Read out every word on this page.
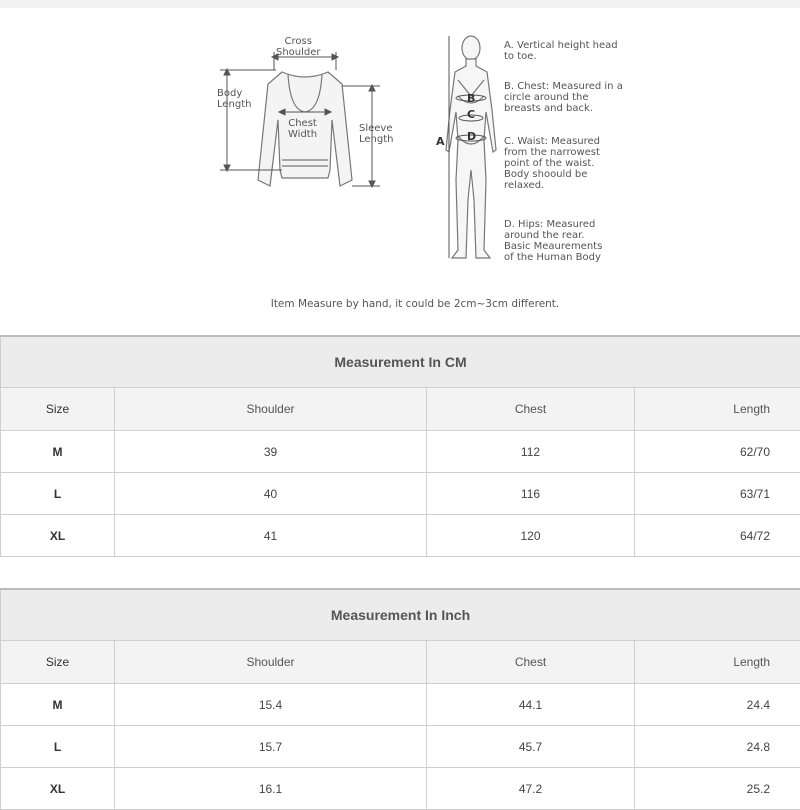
Cross
Shoulder
Body
Length
Chest
Width
Sleeve
Length	A
B
C
D
A. Vertical height head
to toe.
B. Chest: Measured in a
circle around the
breasts and back.
C. Waist: Measured
from the narrowest
point of the waist.
Body shoould be
relaxed.
D. Hips: Measured
around the rear.
Basic Meaurements
of the Human Body
Item Measure by hand, it could be 2cm~3cm different.
Measurement In CM			
Size	Shoulder	Chest	Length
M	39	112	62/70
L	40	116	63/71
XL	41	120	64/72
Measurement In Inch			
Size	Shoulder	Chest	Length
M	15.4	44.1	24.4
L	15.7	45.7	24.8
XL	16.1	47.2	25.2
